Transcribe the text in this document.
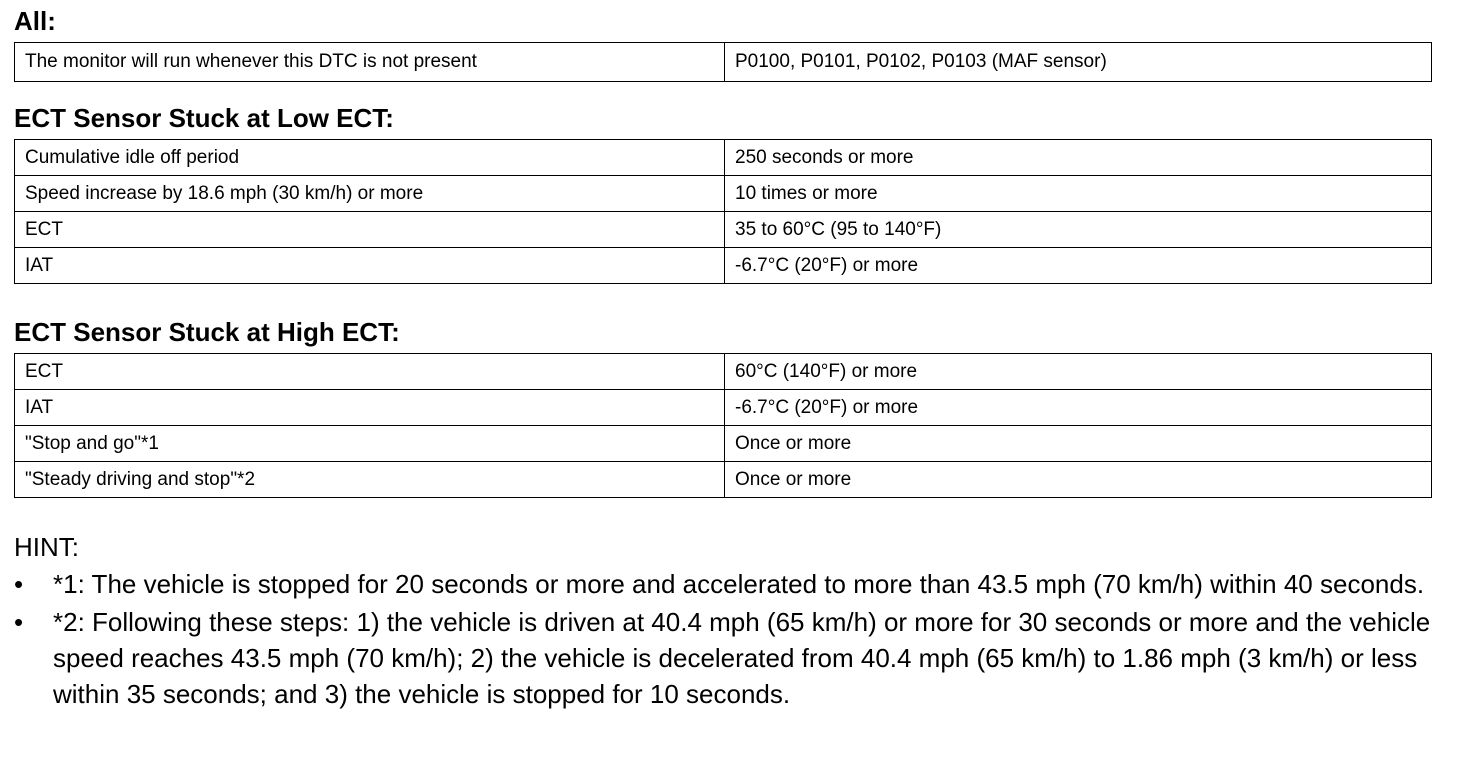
All:
The monitor will run whenever this DTC is not present	P0100, P0101, P0102, P0103 (MAF sensor)
ECT Sensor Stuck at Low ECT:
Cumulative idle off period	250 seconds or more
Speed increase by 18.6 mph (30 km/h) or more	10 times or more
ECT	35 to 60°C (95 to 140°F)
IAT	-6.7°C (20°F) or more
ECT Sensor Stuck at High ECT:
ECT	60°C (140°F) or more
IAT	-6.7°C (20°F) or more
"Stop and go"*1	Once or more
"Steady driving and stop"*2	Once or more

HINT:

• *1: The vehicle is stopped for 20 seconds or more and accelerated to more than 43.5 mph (70 km/h) within 40 seconds.
• *2: Following these steps: 1) the vehicle is driven at 40.4 mph (65 km/h) or more for 30 seconds or more and the vehicle speed reaches 43.5 mph (70 km/h); 2) the vehicle is decelerated from 40.4 mph (65 km/h) to 1.86 mph (3 km/h) or less within 35 seconds; and 3) the vehicle is stopped for 10 seconds.
